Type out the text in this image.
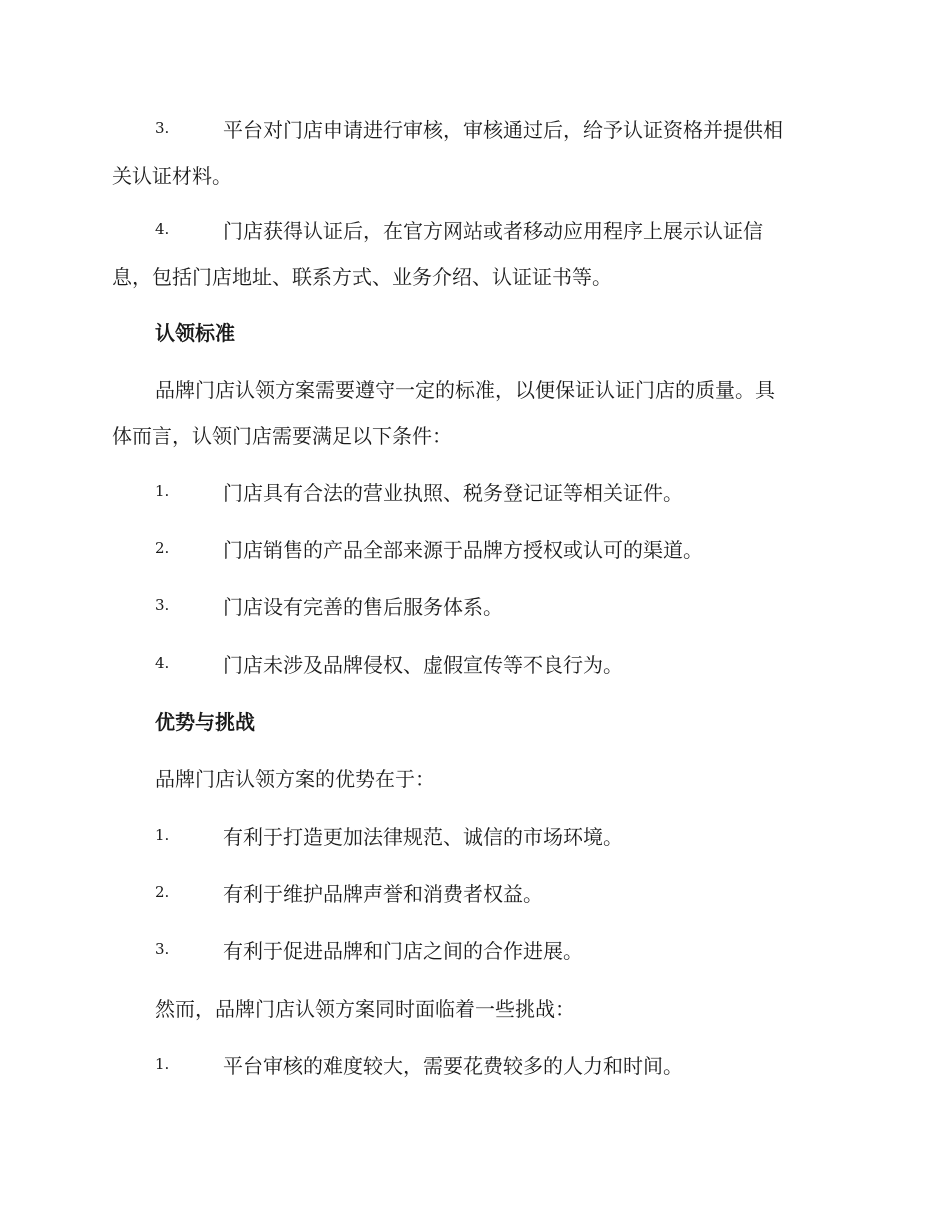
3.	平台对门店申请进行审核，审核通过后，给予认证资格并提供相
关认证材料。
4.	门店获得认证后，在官方网站或者移动应用程序上展示认证信
息，包括门店地址、联系方式、业务介绍、认证证书等。
认领标准
品牌门店认领方案需要遵守一定的标准，以便保证认证门店的质量。具
体而言，认领门店需要满足以下条件：
1.	门店具有合法的营业执照、税务登记证等相关证件。
2.	门店销售的产品全部来源于品牌方授权或认可的渠道。
3.	门店设有完善的售后服务体系。
4.	门店未涉及品牌侵权、虚假宣传等不良行为。
优势与挑战
品牌门店认领方案的优势在于：
1.	有利于打造更加法律规范、诚信的市场环境。
2.	有利于维护品牌声誉和消费者权益。
3.	有利于促进品牌和门店之间的合作进展。
然而，品牌门店认领方案同时面临着一些挑战：
1.	平台审核的难度较大，需要花费较多的人力和时间。
